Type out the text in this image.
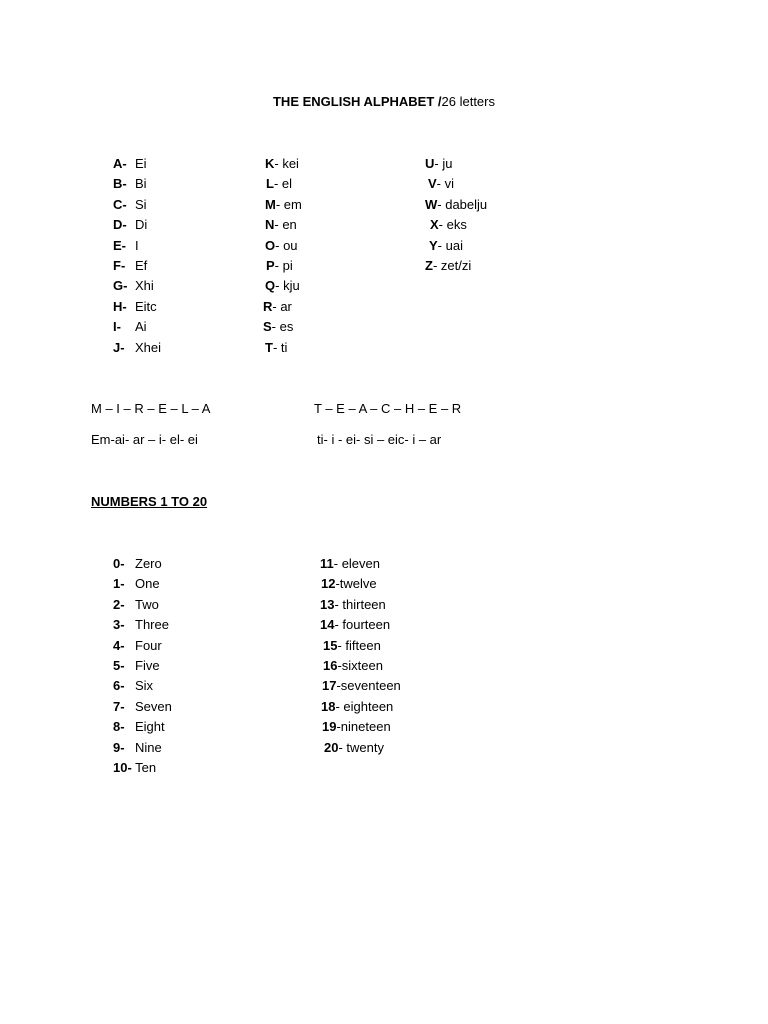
THE ENGLISH ALPHABET /26 letters
A- Ei
B- Bi
C- Si
D- Di
E- I
F- Ef
G- Xhi
H- Eitc
I- Ai
J- Xhei
K- kei
L- el
M- em
N- en
O- ou
P- pi
Q- kju
R- ar
S- es
T- ti
U- ju
V- vi
W- dabelju
X- eks
Y- uai
Z- zet/zi
M – I – R – E – L – A
Em-ai- ar – i- el- ei
T – E – A – C – H – E – R
ti- i - ei- si – eic- i – ar
NUMBERS 1 TO 20
0- Zero
1- One
2- Two
3- Three
4- Four
5- Five
6- Six
7- Seven
8- Eight
9- Nine
10- Ten
11- eleven
12-twelve
13- thirteen
14- fourteen
15- fifteen
16-sixteen
17-seventeen
18- eighteen
19-nineteen
20- twenty
